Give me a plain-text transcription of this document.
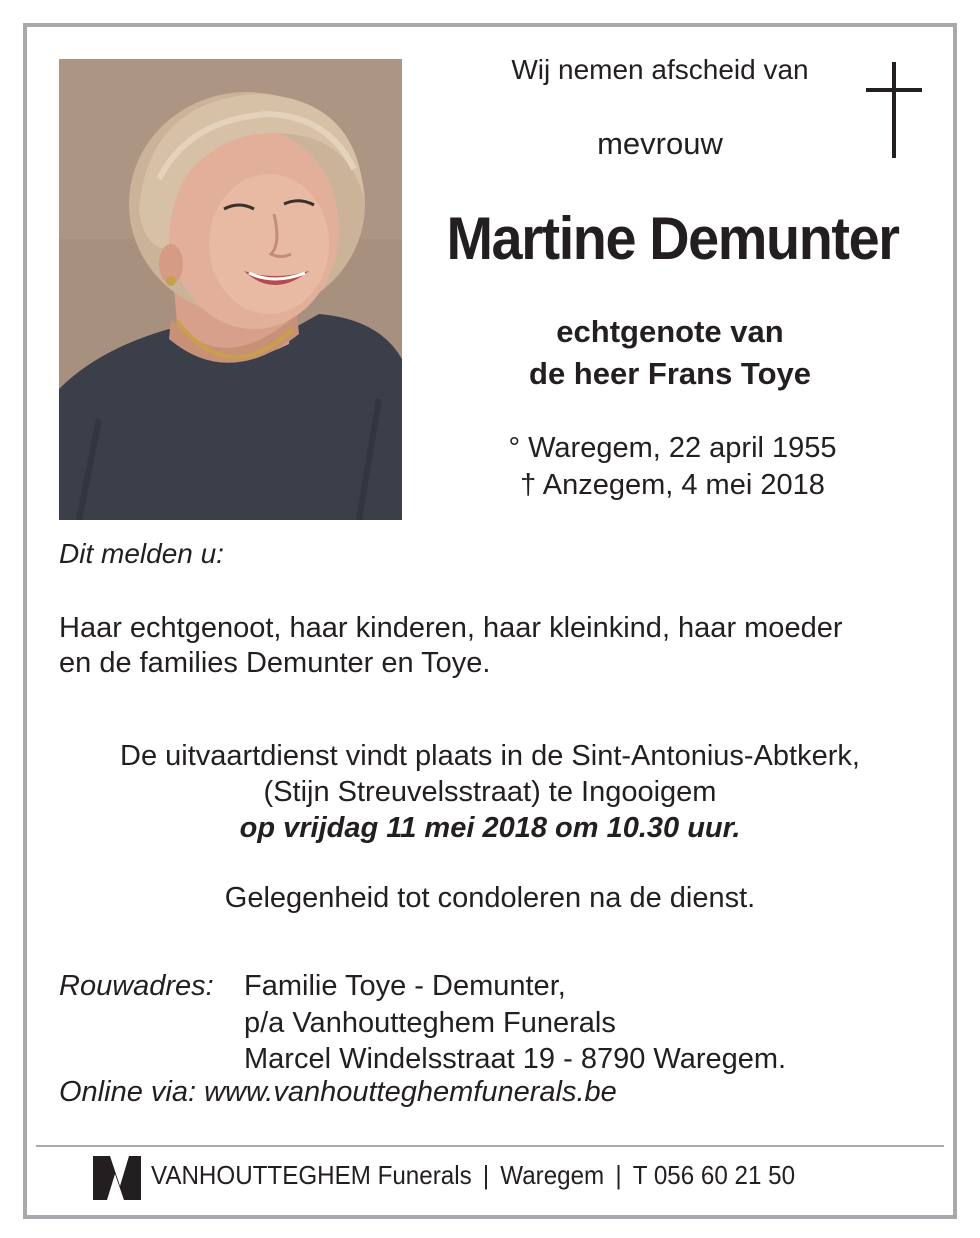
Wij nemen afscheid van
mevrouw
Martine Demunter
echtgenote van
de heer Frans Toye
° Waregem, 22 april 1955
† Anzegem, 4 mei 2018
Dit melden u:
Haar echtgenoot, haar kinderen, haar kleinkind, haar moeder
en de families Demunter en Toye.
De uitvaartdienst vindt plaats in de Sint-Antonius-Abtkerk,
(Stijn Streuvelsstraat) te Ingooigem
op vrijdag 11 mei 2018 om 10.30 uur.
Gelegenheid tot condoleren na de dienst.
Rouwadres: Familie Toye - Demunter,
p/a Vanhoutteghem Funerals
Marcel Windelsstraat 19 - 8790 Waregem.
Online via: www.vanhoutteghemfunerals.be
VANHOUTTEGHEM Funerals | Waregem | T 056 60 21 50
